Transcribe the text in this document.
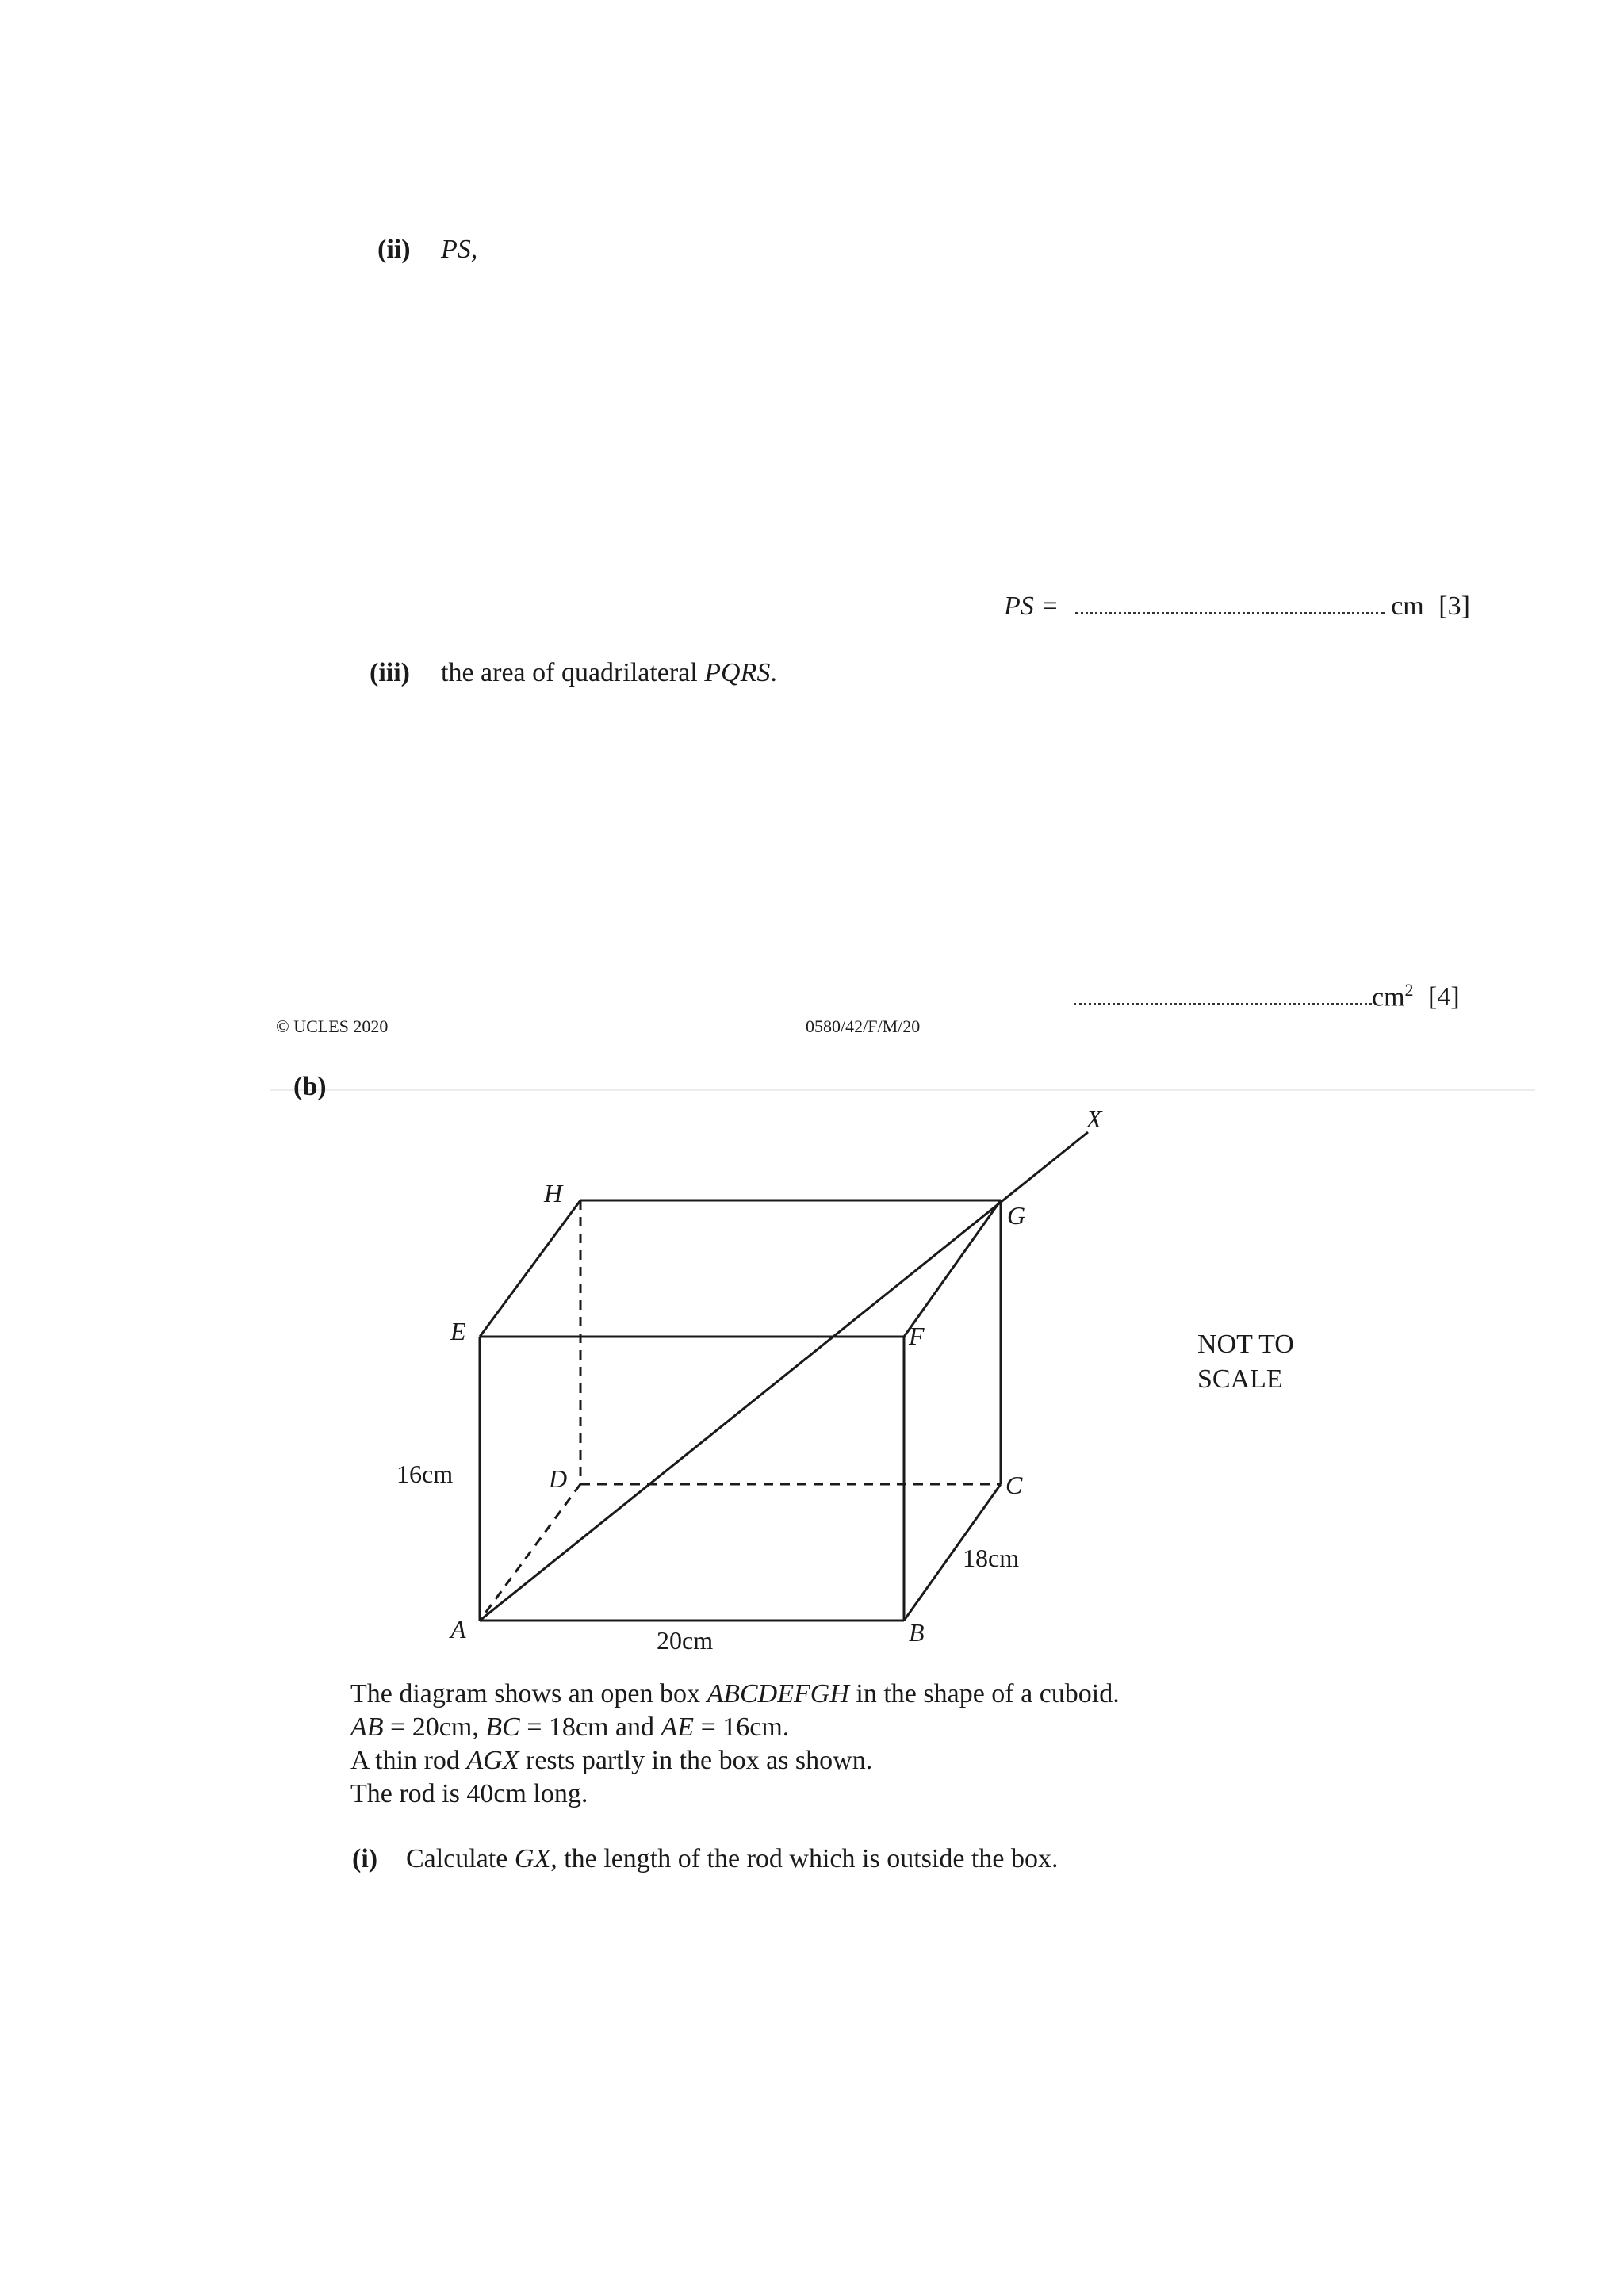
(ii) PS,
PS =	cm [3]
(iii) the area of quadrilateral PQRS.
$cm^2$ [4]
© UCLES 2020	0580/42/F/M/20
(b)
A	B
C
D
E	F
G
H
X
16cm
20cm
18cm
NOT TO
SCALE
The diagram shows an open box ABCDEFGH in the shape of a cuboid.
AB = 20cm, BC = 18cm and AE = 16cm.
A thin rod AGX rests partly in the box as shown.
The rod is 40cm long.
(i) Calculate GX, the length of the rod which is outside the box.
